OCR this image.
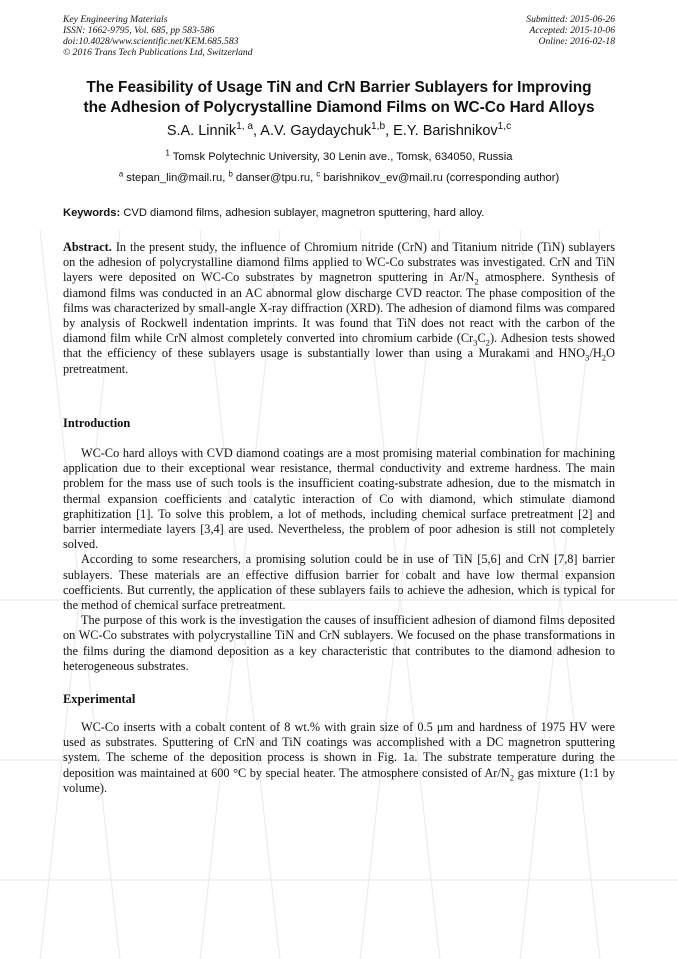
Key Engineering Materials
ISSN: 1662-9795, Vol. 685, pp 583-586
doi:10.4028/www.scientific.net/KEM.685.583
© 2016 Trans Tech Publications Ltd, Switzerland
Submitted: 2015-06-26
Accepted: 2015-10-06
Online: 2016-02-18
The Feasibility of Usage TiN and CrN Barrier Sublayers for Improving
the Adhesion of Polycrystalline Diamond Films on WC-Co Hard Alloys
S.A. Linnik$^{1, a}$, A.V. Gaydaychuk$^{1,b}$, E.Y. Barishnikov$^{1,c}$
$^1$ Tomsk Polytechnic University, 30 Lenin ave., Tomsk, 634050, Russia
$^a$ stepan_lin@mail.ru, $^b$ danser@tpu.ru, $^c$ barishnikov_ev@mail.ru (corresponding author)
Keywords: CVD diamond films, adhesion sublayer, magnetron sputtering, hard alloy.
Abstract. In the present study, the influence of Chromium nitride (CrN) and Titanium nitride (TiN) sublayers on the adhesion of polycrystalline diamond films applied to WC-Co substrates was investigated. CrN and TiN layers were deposited on WC-Co substrates by magnetron sputtering in $Ar/N_2$ atmosphere. Synthesis of diamond films was conducted in an AC abnormal glow discharge CVD reactor. The phase composition of the films was characterized by small-angle X-ray diffraction (XRD). The adhesion of diamond films was compared by analysis of Rockwell indentation imprints. It was found that TiN does not react with the carbon of the diamond film while CrN almost completely converted into chromium carbide $(Cr_3C_2)$. Adhesion tests showed that the efficiency of these sublayers usage is substantially lower than using a Murakami and $HNO_3/H_2O$ pretreatment.
Introduction

WC-Co hard alloys with CVD diamond coatings are a most promising material combination for machining application due to their exceptional wear resistance, thermal conductivity and extreme hardness. The main problem for the mass use of such tools is the insufficient coating-substrate adhesion, due to the mismatch in thermal expansion coefficients and catalytic interaction of Co with diamond, which stimulate diamond graphitization [1]. To solve this problem, a lot of methods, including chemical surface pretreatment [2] and barrier intermediate layers [3,4] are used. Nevertheless, the problem of poor adhesion is still not completely solved.

According to some researchers, a promising solution could be in use of TiN [5,6] and CrN [7,8] barrier sublayers. These materials are an effective diffusion barrier for cobalt and have low thermal expansion coefficients. But currently, the application of these sublayers fails to achieve the adhesion, which is typical for the method of chemical surface pretreatment.

The purpose of this work is the investigation the causes of insufficient adhesion of diamond films deposited on WC-Co substrates with polycrystalline TiN and CrN sublayers. We focused on the phase transformations in the films during the diamond deposition as a key characteristic that contributes to the diamond adhesion to heterogeneous substrates.

Experimental

WC-Co inserts with a cobalt content of 8 wt.% with grain size of 0.5 μm and hardness of 1975 HV were used as substrates. Sputtering of CrN and TiN coatings was accomplished with a DC magnetron sputtering system. The scheme of the deposition process is shown in Fig. 1a. The substrate temperature during the deposition was maintained at 600 °C by special heater. The atmosphere consisted of $Ar/N_2$ gas mixture (1:1 by volume).
